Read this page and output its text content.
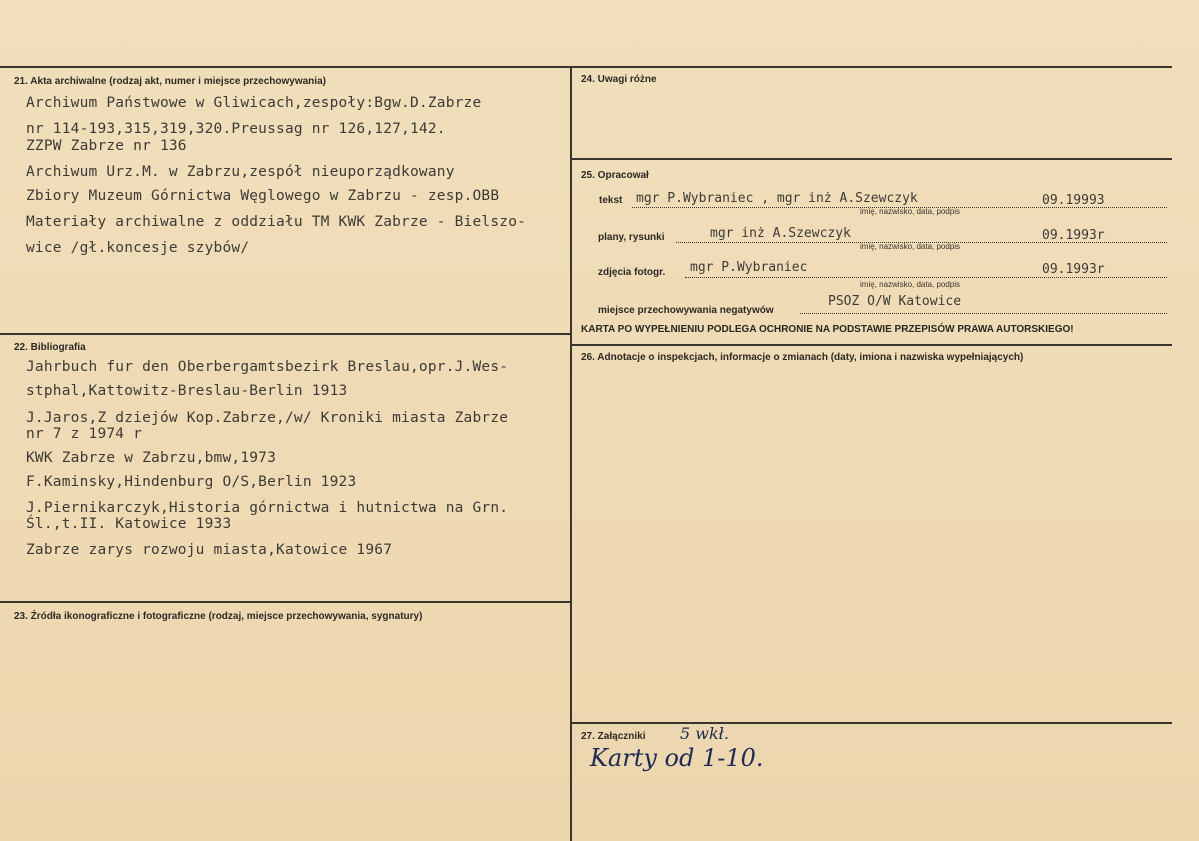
21. Akta archiwalne (rodzaj akt, numer i miejsce przechowywania)
Archiwum Państwowe w Gliwicach,zespoły:Bgw.D.Zabrze
nr 114-193,315,319,320.Preussag nr 126,127,142.
ZZPW Zabrze nr 136
Archiwum Urz.M. w Zabrzu,zespół nieuporządkowany
Zbiory Muzeum Górnictwa Węglowego w Zabrzu - zesp.OBB
Materiały archiwalne z oddziału TM KWK Zabrze - Bielszo-
wice /gł.koncesje szybów/
22. Bibliografia
Jahrbuch fur den Oberbergamtsbezirk Breslau,opr.J.Wes-
stphal,Kattowitz-Breslau-Berlin 1913
J.Jaros,Z dziejów Kop.Zabrze,/w/ Kroniki miasta Zabrze
nr 7 z 1974 r
KWK Zabrze w Zabrzu,bmw,1973
F.Kaminsky,Hindenburg O/S,Berlin 1923
J.Piernikarczyk,Historia górnictwa i hutnictwa na Grn.
Śl.,t.II. Katowice 1933
Zabrze zarys rozwoju miasta,Katowice 1967
23. Źródła ikonograficzne i fotograficzne (rodzaj, miejsce przechowywania, sygnatury)
24. Uwagi różne
25. Opracował
tekst mgr P.Wybraniec , mgr inż A.Szewczyk	09.19993
imię, nazwisko, data, podpis
plany, rysunki	mgr inż A.Szewczyk	09.1993r
imię, nazwisko, data, podpis
zdjęcia fotogr. mgr P.Wybraniec	09.1993r
imię, nazwisko, data, podpis
miejsce przechowywania negatywów
PSOZ O/W Katowice
KARTA PO WYPEŁNIENIU PODLEGA OCHRONIE NA PODSTAWIE PRZEPISÓW PRAWA AUTORSKIEGO!
26. Adnotacje o inspekcjach, informacje o zmianach (daty, imiona i nazwiska wypełniających)
27. Załączniki 5 wkł.
Karty od 1-10.
